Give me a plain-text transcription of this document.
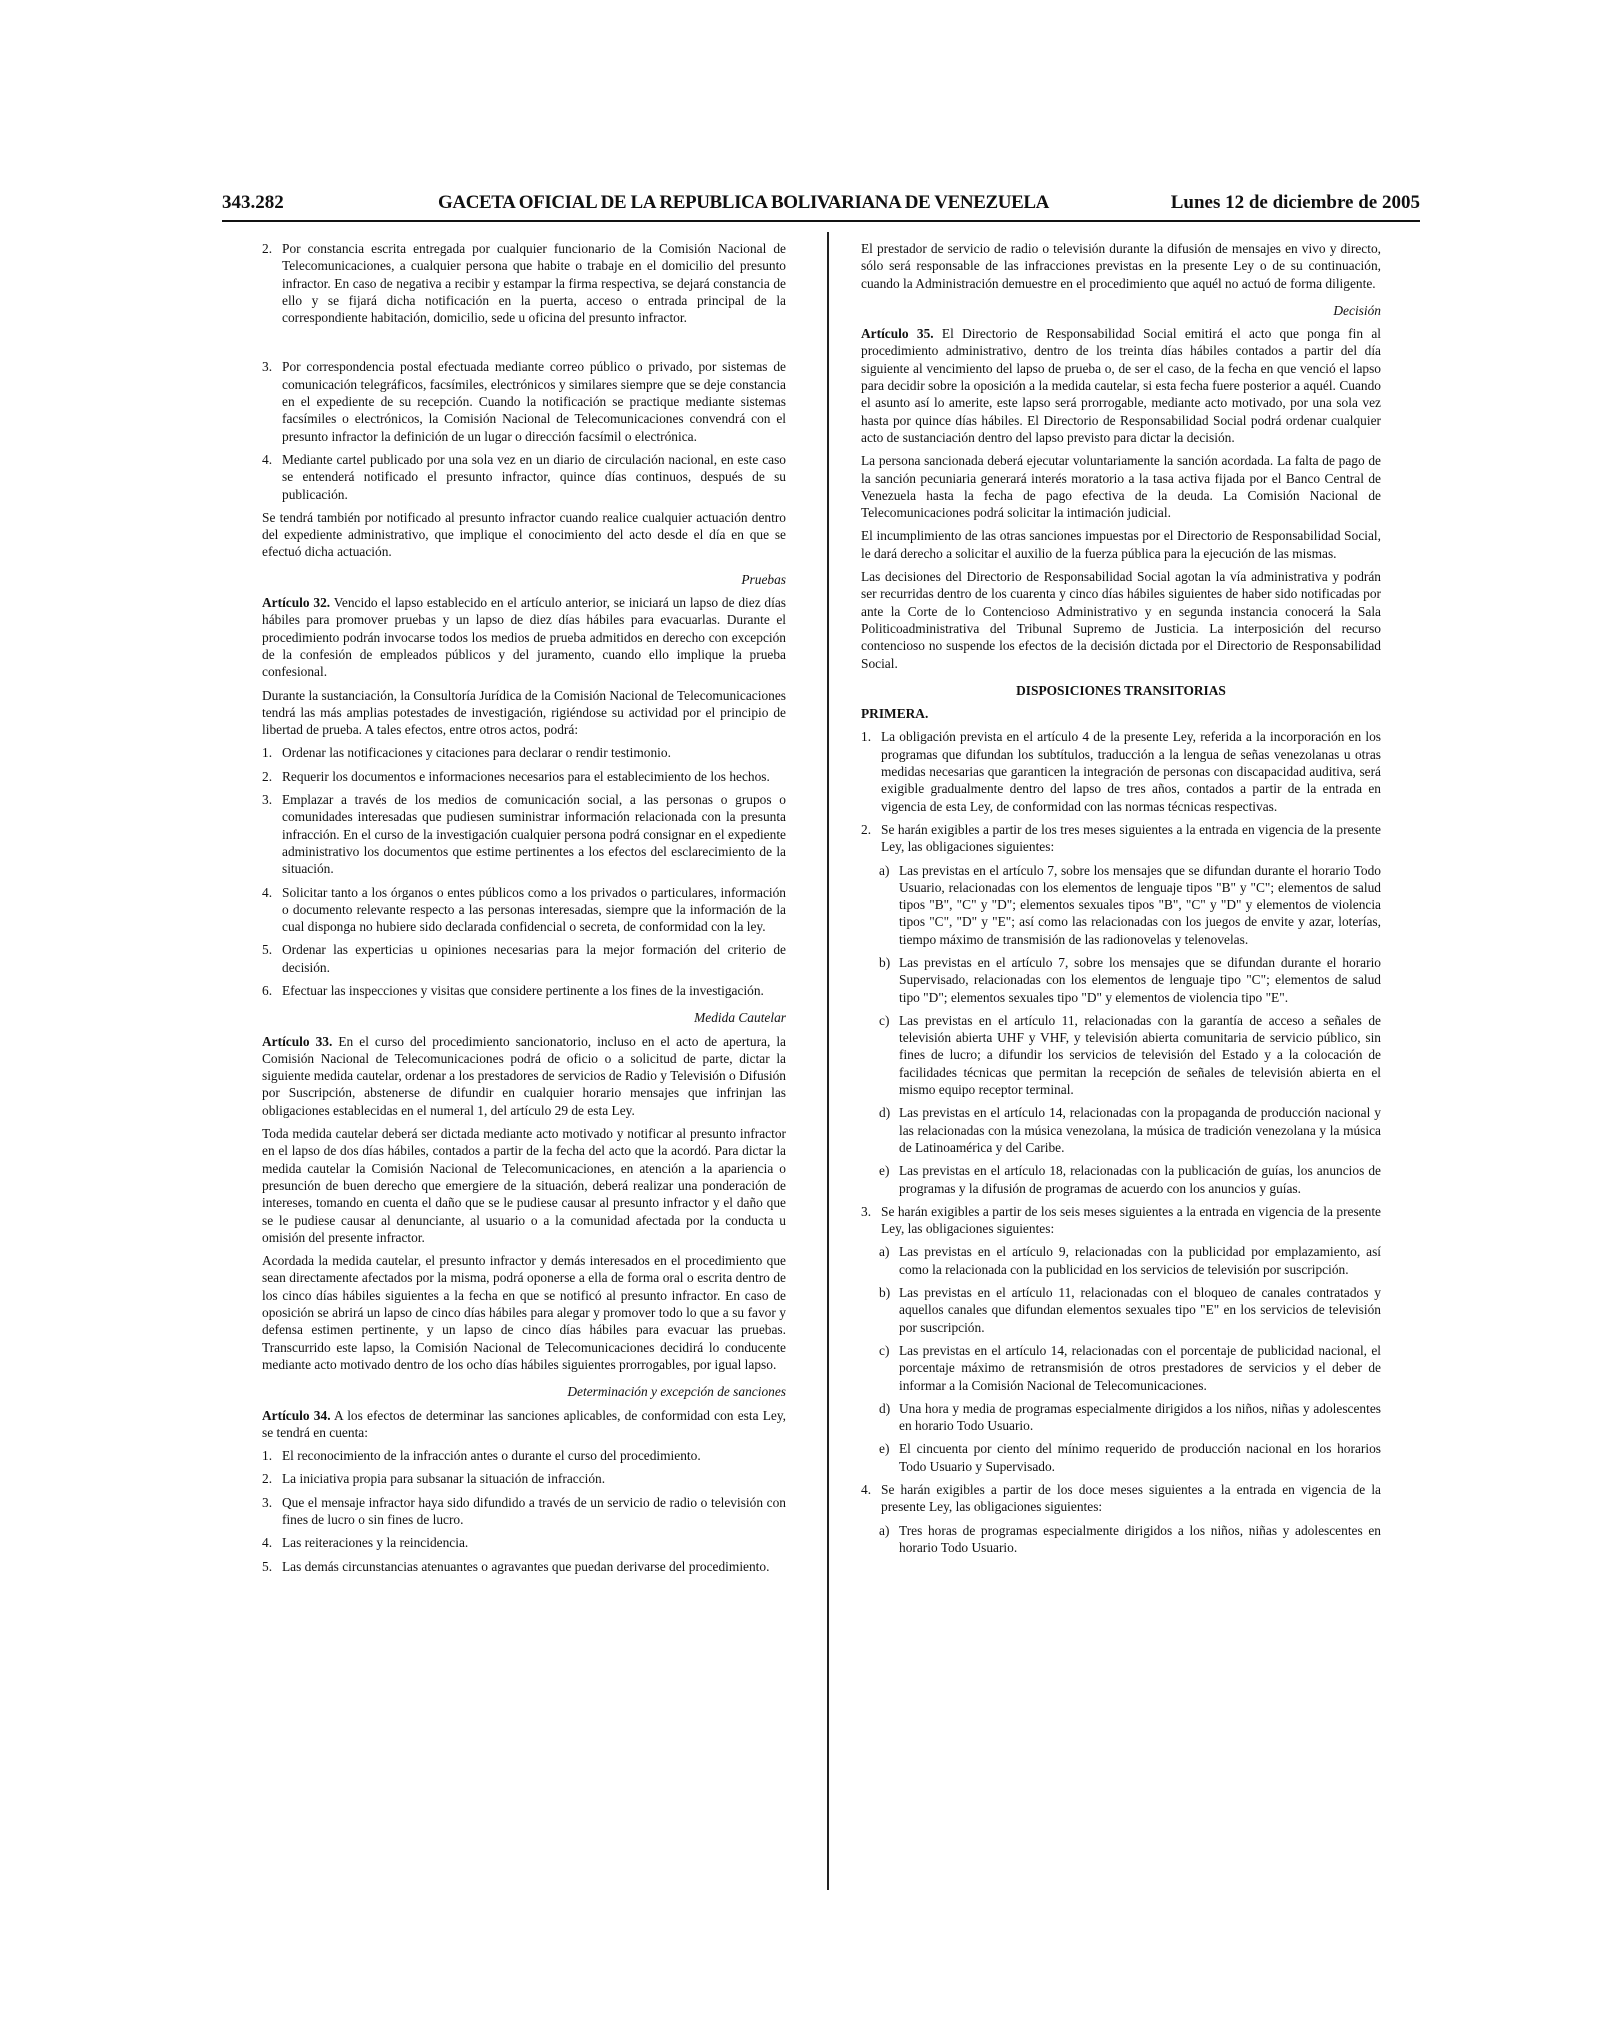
343.282	GACETA OFICIAL DE LA REPUBLICA BOLIVARIANA DE VENEZUELA	Lunes 12 de diciembre de 2005
2. Por constancia escrita entregada por cualquier funcionario de la Comisión Nacional de Telecomunicaciones, a cualquier persona que habite o trabaje en el domicilio del presunto infractor. En caso de negativa a recibir y estampar la firma respectiva, se dejará constancia de ello y se fijará dicha notificación en la puerta, acceso o entrada principal de la correspondiente habitación, domicilio, sede u oficina del presunto infractor.
3. Por correspondencia postal efectuada mediante correo público o privado, por sistemas de comunicación telegráficos, facsímiles, electrónicos y similares siempre que se deje constancia en el expediente de su recepción. Cuando la notificación se practique mediante sistemas facsímiles o electrónicos, la Comisión Nacional de Telecomunicaciones convendrá con el presunto infractor la definición de un lugar o dirección facsímil o electrónica.
4. Mediante cartel publicado por una sola vez en un diario de circulación nacional, en este caso se entenderá notificado el presunto infractor, quince días continuos, después de su publicación.

Se tendrá también por notificado al presunto infractor cuando realice cualquier actuación dentro del expediente administrativo, que implique el conocimiento del acto desde el día en que se efectuó dicha actuación.

Pruebas

Artículo 32. Vencido el lapso establecido en el artículo anterior, se iniciará un lapso de diez días hábiles para promover pruebas y un lapso de diez días hábiles para evacuarlas. Durante el procedimiento podrán invocarse todos los medios de prueba admitidos en derecho con excepción de la confesión de empleados públicos y del juramento, cuando ello implique la prueba confesional.

Durante la sustanciación, la Consultoría Jurídica de la Comisión Nacional de Telecomunicaciones tendrá las más amplias potestades de investigación, rigiéndose su actividad por el principio de libertad de prueba. A tales efectos, entre otros actos, podrá:

1. Ordenar las notificaciones y citaciones para declarar o rendir testimonio.
2. Requerir los documentos e informaciones necesarios para el establecimiento de los hechos.
3. Emplazar a través de los medios de comunicación social, a las personas o grupos o comunidades interesadas que pudiesen suministrar información relacionada con la presunta infracción. En el curso de la investigación cualquier persona podrá consignar en el expediente administrativo los documentos que estime pertinentes a los efectos del esclarecimiento de la situación.
4. Solicitar tanto a los órganos o entes públicos como a los privados o particulares, información o documento relevante respecto a las personas interesadas, siempre que la información de la cual disponga no hubiere sido declarada confidencial o secreta, de conformidad con la ley.
5. Ordenar las experticias u opiniones necesarias para la mejor formación del criterio de decisión.
6. Efectuar las inspecciones y visitas que considere pertinente a los fines de la investigación.
Medida Cautelar

Artículo 33. En el curso del procedimiento sancionatorio, incluso en el acto de apertura, la Comisión Nacional de Telecomunicaciones podrá de oficio o a solicitud de parte, dictar la siguiente medida cautelar, ordenar a los prestadores de servicios de Radio y Televisión o Difusión por Suscripción, abstenerse de difundir en cualquier horario mensajes que infrinjan las obligaciones establecidas en el numeral 1, del artículo 29 de esta Ley.

Toda medida cautelar deberá ser dictada mediante acto motivado y notificar al presunto infractor en el lapso de dos días hábiles, contados a partir de la fecha del acto que la acordó. Para dictar la medida cautelar la Comisión Nacional de Telecomunicaciones, en atención a la apariencia o presunción de buen derecho que emergiere de la situación, deberá realizar una ponderación de intereses, tomando en cuenta el daño que se le pudiese causar al presunto infractor y el daño que se le pudiese causar al denunciante, al usuario o a la comunidad afectada por la conducta u omisión del presente infractor.

Acordada la medida cautelar, el presunto infractor y demás interesados en el procedimiento que sean directamente afectados por la misma, podrá oponerse a ella de forma oral o escrita dentro de los cinco días hábiles siguientes a la fecha en que se notificó al presunto infractor. En caso de oposición se abrirá un lapso de cinco días hábiles para alegar y promover todo lo que a su favor y defensa estimen pertinente, y un lapso de cinco días hábiles para evacuar las pruebas. Transcurrido este lapso, la Comisión Nacional de Telecomunicaciones decidirá lo conducente mediante acto motivado dentro de los ocho días hábiles siguientes prorrogables, por igual lapso.

Determinación y excepción de sanciones

Artículo 34. A los efectos de determinar las sanciones aplicables, de conformidad con esta Ley, se tendrá en cuenta:

1. El reconocimiento de la infracción antes o durante el curso del procedimiento.
2. La iniciativa propia para subsanar la situación de infracción.
3. Que el mensaje infractor haya sido difundido a través de un servicio de radio o televisión con fines de lucro o sin fines de lucro.
4. Las reiteraciones y la reincidencia.
5. Las demás circunstancias atenuantes o agravantes que puedan derivarse del procedimiento.

El prestador de servicio de radio o televisión durante la difusión de mensajes en vivo y directo, sólo será responsable de las infracciones previstas en la presente Ley o de su continuación, cuando la Administración demuestre en el procedimiento que aquél no actuó de forma diligente.

Decisión

Artículo 35. El Directorio de Responsabilidad Social emitirá el acto que ponga fin al procedimiento administrativo, dentro de los treinta días hábiles contados a partir del día siguiente al vencimiento del lapso de prueba o, de ser el caso, de la fecha en que venció el lapso para decidir sobre la oposición a la medida cautelar, si esta fecha fuere posterior a aquél. Cuando el asunto así lo amerite, este lapso será prorrogable, mediante acto motivado, por una sola vez hasta por quince días hábiles. El Directorio de Responsabilidad Social podrá ordenar cualquier acto de sustanciación dentro del lapso previsto para dictar la decisión.

La persona sancionada deberá ejecutar voluntariamente la sanción acordada. La falta de pago de la sanción pecuniaria generará interés moratorio a la tasa activa fijada por el Banco Central de Venezuela hasta la fecha de pago efectiva de la deuda. La Comisión Nacional de Telecomunicaciones podrá solicitar la intimación judicial.

El incumplimiento de las otras sanciones impuestas por el Directorio de Responsabilidad Social, le dará derecho a solicitar el auxilio de la fuerza pública para la ejecución de las mismas.

Las decisiones del Directorio de Responsabilidad Social agotan la vía administrativa y podrán ser recurridas dentro de los cuarenta y cinco días hábiles siguientes de haber sido notificadas por ante la Corte de lo Contencioso Administrativo y en segunda instancia conocerá la Sala Politicoadministrativa del Tribunal Supremo de Justicia. La interposición del recurso contencioso no suspende los efectos de la decisión dictada por el Directorio de Responsabilidad Social.

DISPOSICIONES TRANSITORIAS
PRIMERA.
1. La obligación prevista en el artículo 4 de la presente Ley, referida a la incorporación en los programas que difundan los subtítulos, traducción a la lengua de señas venezolanas u otras medidas necesarias que garanticen la integración de personas con discapacidad auditiva, será exigible gradualmente dentro del lapso de tres años, contados a partir de la entrada en vigencia de esta Ley, de conformidad con las normas técnicas respectivas.
2. Se harán exigibles a partir de los tres meses siguientes a la entrada en vigencia de la presente Ley, las obligaciones siguientes:
a) Las previstas en el artículo 7, sobre los mensajes que se difundan durante el horario Todo Usuario, relacionadas con los elementos de lenguaje tipos "B" y "C"; elementos de salud tipos "B", "C" y "D"; elementos sexuales tipos "B", "C" y "D" y elementos de violencia tipos "C", "D" y "E"; así como las relacionadas con los juegos de envite y azar, loterías, tiempo máximo de transmisión de las radionovelas y telenovelas.
b) Las previstas en el artículo 7, sobre los mensajes que se difundan durante el horario Supervisado, relacionadas con los elementos de lenguaje tipo "C"; elementos de salud tipo "D"; elementos sexuales tipo "D" y elementos de violencia tipo "E".
c) Las previstas en el artículo 11, relacionadas con la garantía de acceso a señales de televisión abierta UHF y VHF, y televisión abierta comunitaria de servicio público, sin fines de lucro; a difundir los servicios de televisión del Estado y a la colocación de facilidades técnicas que permitan la recepción de señales de televisión abierta en el mismo equipo receptor terminal.
d) Las previstas en el artículo 14, relacionadas con la propaganda de producción nacional y las relacionadas con la música venezolana, la música de tradición venezolana y la música de Latinoamérica y del Caribe.
e) Las previstas en el artículo 18, relacionadas con la publicación de guías, los anuncios de programas y la difusión de programas de acuerdo con los anuncios y guías.
3. Se harán exigibles a partir de los seis meses siguientes a la entrada en vigencia de la presente Ley, las obligaciones siguientes:
a) Las previstas en el artículo 9, relacionadas con la publicidad por emplazamiento, así como la relacionada con la publicidad en los servicios de televisión por suscripción.
b) Las previstas en el artículo 11, relacionadas con el bloqueo de canales contratados y aquellos canales que difundan elementos sexuales tipo "E" en los servicios de televisión por suscripción.
c) Las previstas en el artículo 14, relacionadas con el porcentaje de publicidad nacional, el porcentaje máximo de retransmisión de otros prestadores de servicios y el deber de informar a la Comisión Nacional de Telecomunicaciones.
d) Una hora y media de programas especialmente dirigidos a los niños, niñas y adolescentes en horario Todo Usuario.
e) El cincuenta por ciento del mínimo requerido de producción nacional en los horarios Todo Usuario y Supervisado.
4. Se harán exigibles a partir de los doce meses siguientes a la entrada en vigencia de la presente Ley, las obligaciones siguientes:
a) Tres horas de programas especialmente dirigidos a los niños, niñas y adolescentes en horario Todo Usuario.
